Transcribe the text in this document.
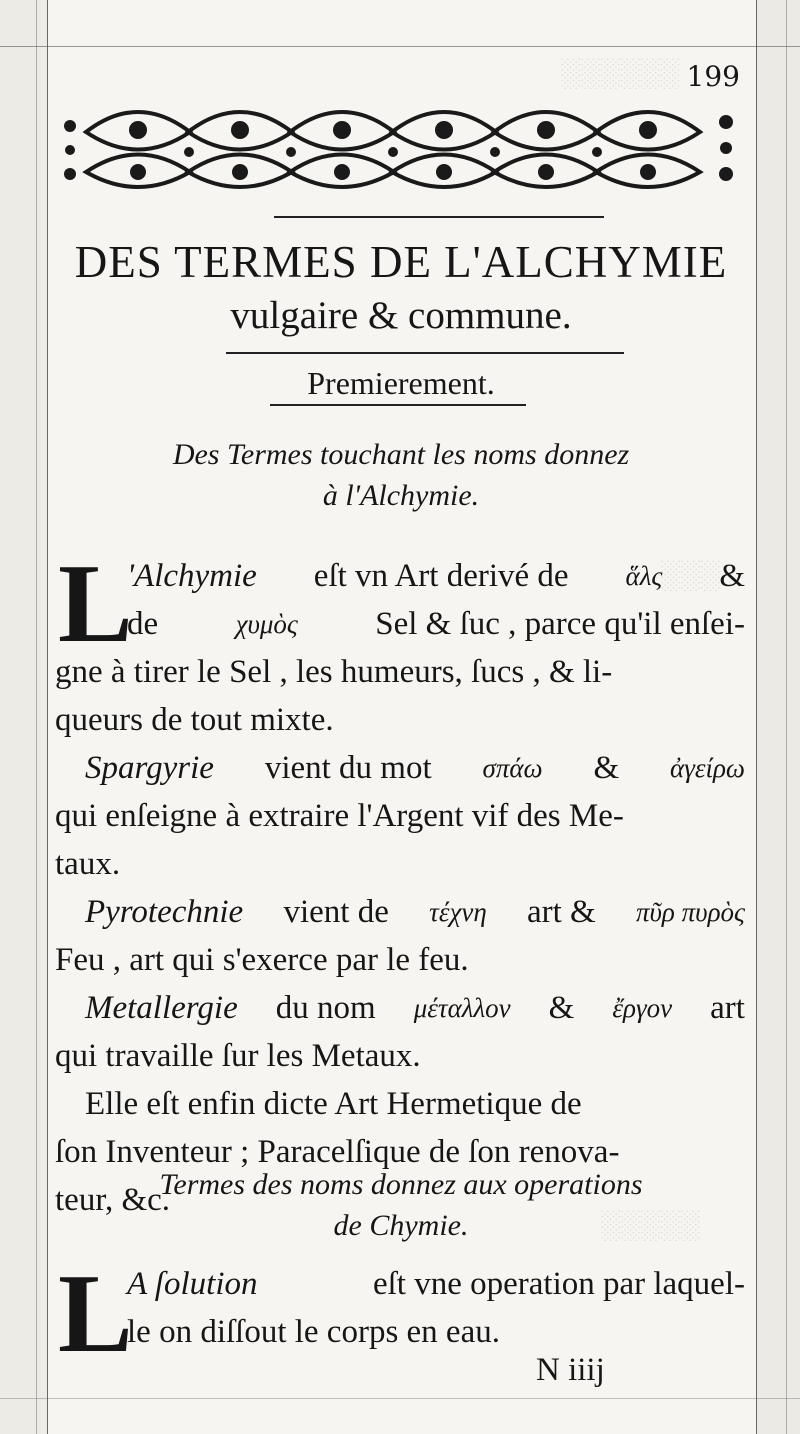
░░░░░░
░░░
░░░░░
199
DES TERMES DE L'ALCHYMIE
vulgaire & commune.
Premierement.
Des Termes touchant les noms donnez
à l'Alchymie.
L
'Alchymie eſt vn Art derivé de ἅλς &
de	χυμὸς Sel & ſuc , parce qu'il enſei-
gne à tirer le Sel , les humeurs, ſucs , & li-
queurs de tout mixte.
Spargyrie vient du mot σπάω & ἀγείρω
qui enſeigne à extraire l'Argent vif des Me-
taux.
Pyrotechnie vient de τέχνη art & πῦρ πυρὸς
Feu , art qui s'exerce par le feu.
Metallergie du nom μέταλλον & ἔργον art
qui travaille ſur les Metaux.
Elle eſt enfin dicte Art Hermetique de
ſon Inventeur ; Paracelſique de ſon renova-
teur, &c.
Termes des noms donnez aux operations
de Chymie.
L
A ſolution	eſt vne operation par laquel-
le on diſſout le corps en eau.
N iiij
